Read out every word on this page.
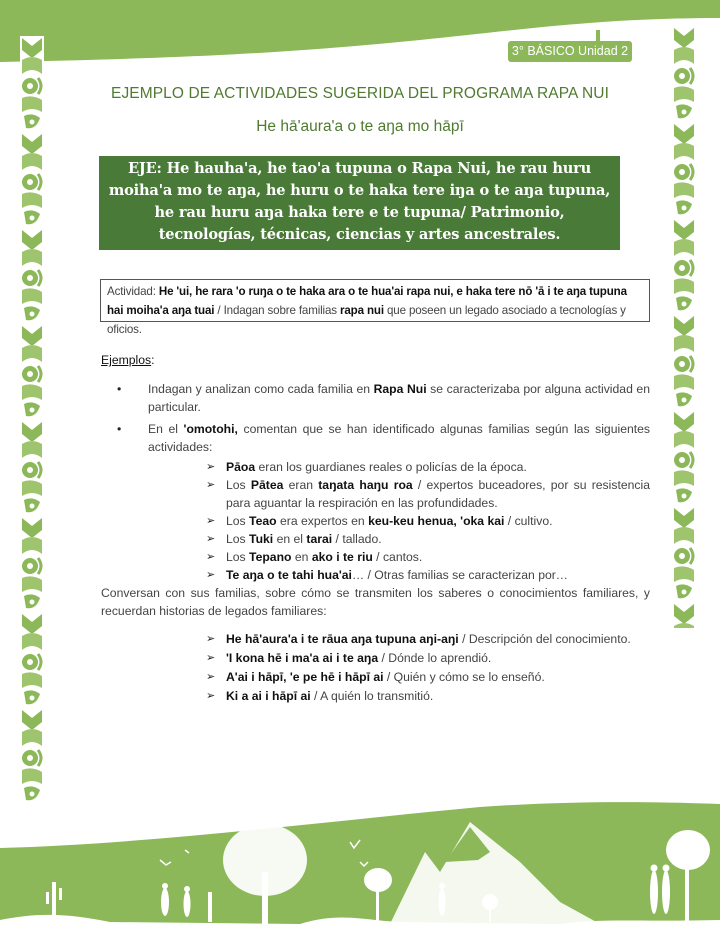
3° BÁSICO Unidad 2
EJEMPLO DE ACTIVIDADES SUGERIDA DEL PROGRAMA RAPA NUI
He hā'aura'a o te aŋa mo hāpī
EJE: He hauha'a, he tao'a tupuna o Rapa Nui, he rau huru moiha'a mo te aŋa, he huru o te haka tere iŋa o te aŋa tupuna, he rau huru aŋa haka tere e te tupuna/ Patrimonio, tecnologías, técnicas, ciencias y artes ancestrales.
Actividad: He 'ui, he rara 'o ruŋa o te haka ara o te hua'ai rapa nui, e haka tere nō 'ā i te aŋa tupuna hai moiha'a aŋa tuai / Indagan sobre familias rapa nui que poseen un legado asociado a tecnologías y oficios.
Ejemplos:
• Indagan y analizan como cada familia en Rapa Nui se caracterizaba por alguna actividad en particular.
• En el 'omotohi, comentan que se han identificado algunas familias según las siguientes actividades:
➢ Pāoa eran los guardianes reales o policías de la época.
➢ Los Pātea eran taŋata haŋu roa / expertos buceadores, por su resistencia para aguantar la respiración en las profundidades.
➢ Los Teao era expertos en keu-keu henua, 'oka kai / cultivo.
➢ Los Tuki en el tarai / tallado.
➢ Los Tepano en ako i te riu / cantos.
➢ Te aŋa o te tahi hua'ai… / Otras familias se caracterizan por…
Conversan con sus familias, sobre cómo se transmiten los saberes o conocimientos familiares, y recuerdan historias de legados familiares:
➢ He hā'aura'a i te rāua aŋa tupuna aŋi-aŋi / Descripción del conocimiento.
➢ 'I kona hē i ma'a ai i te aŋa / Dónde lo aprendió.
➢ A'ai i hāpī, 'e pe hē i hāpī ai / Quién y cómo se lo enseñó.
➢ Ki a ai i hāpī ai / A quién lo transmitió.
